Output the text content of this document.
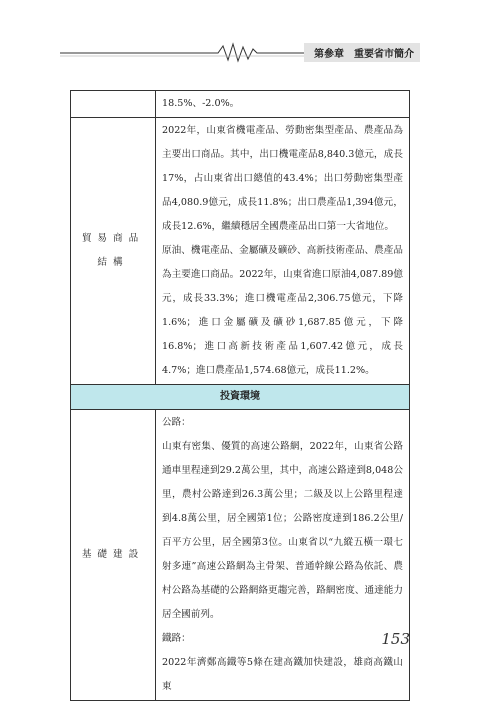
第參章　重要省市簡介
	18.5%、-2.0%。
貿易商品結構	2022年，山東省機電產品、勞動密集型產品、農產品為主要出口商品。其中，出口機電產品8,840.3億元，成長17%，占山東省出口總值的43.4%；出口勞動密集型產品4,080.9億元，成長11.8%；出口農產品1,394億元，成長12.6%，繼續穩居全國農產品出口第一大省地位。
原油、機電產品、金屬礦及礦砂、高新技術產品、農產品為主要進口商品。2022年，山東省進口原油4,087.89億元，成長33.3%；進口機電產品2,306.75億元，下降1.6%；進口金屬礦及礦砂1,687.85億元，下降16.8%；進口高新技術產品1,607.42億元，成長4.7%；進口農產品1,574.68億元，成長11.2%。

投資環境	
基礎建設	公路：
山東有密集、優質的高速公路網，2022年，山東省公路通車里程達到29.2萬公里，其中，高速公路達到8,048公里，農村公路達到26.3萬公里；二級及以上公路里程達到4.8萬公里，居全國第1位；公路密度達到186.2公里/百平方公里，居全國第3位。山東省以“九縱五橫一環七射多連”高速公路網為主骨架、普通幹線公路為依託、農村公路為基礎的公路網絡更趨完善，路網密度、通達能力居全國前列。
鐵路：
2022年濟鄭高鐵等5條在建高鐵加快建設，雄商高鐵山東
153
